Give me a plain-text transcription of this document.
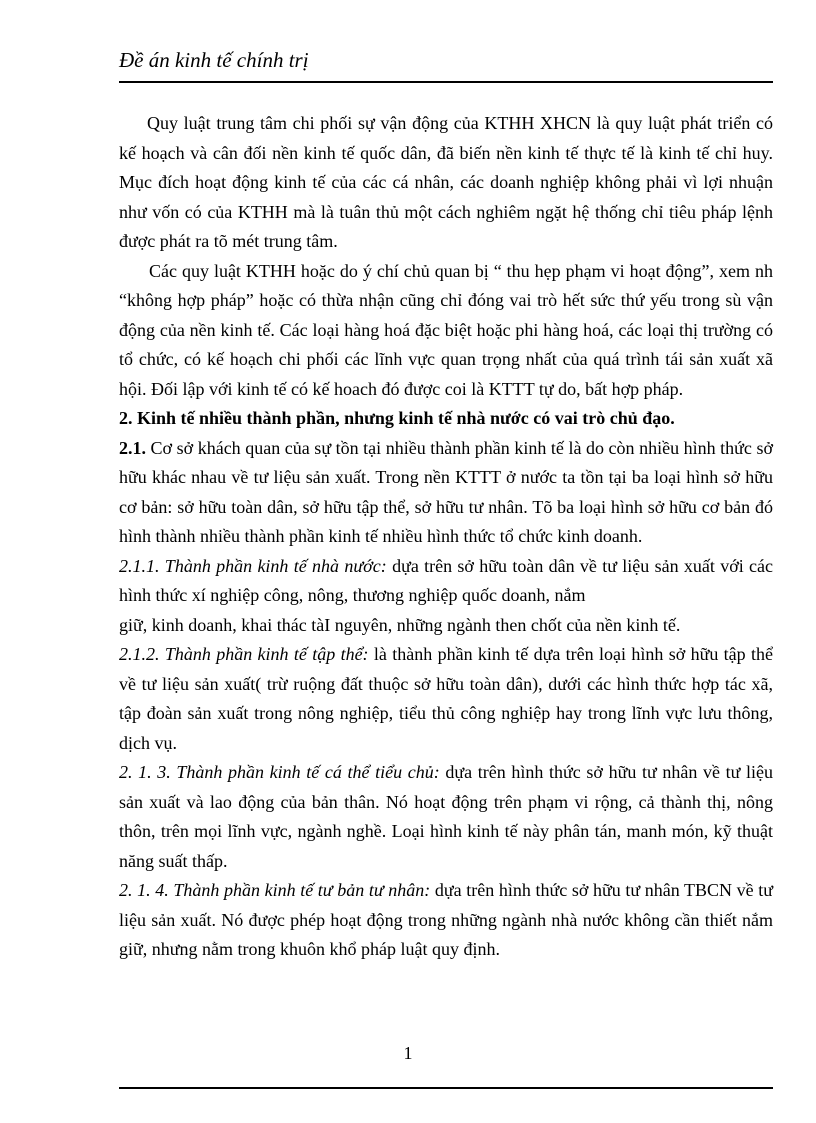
Đề án kinh tế chính trị

Quy luật trung tâm chi phối sự vận động của KTHH XHCN là quy luật phát triển có kế hoạch và cân đối nền kinh tế quốc dân, đã biến nền kinh tế thực tế là kinh tế chỉ huy. Mục đích hoạt động kinh tế của các cá nhân, các doanh nghiệp không phải vì lợi nhuận như vốn có của KTHH mà là tuân thủ một cách nghiêm ngặt hệ thống chỉ tiêu pháp lệnh được phát ra tõ mét trung tâm.

Các quy luật KTHH hoặc do ý chí chủ quan bị “ thu hẹp phạm vi hoạt động”, xem nh “không hợp pháp” hoặc có thừa nhận cũng chỉ đóng vai trò hết sức thứ yếu trong sù vận động của nền kinh tế. Các loại hàng hoá đặc biệt hoặc phi hàng hoá, các loại thị trường có tổ chức, có kế hoạch chi phối các lĩnh vực quan trọng nhất của quá trình tái sản xuất xã hội. Đối lập với kinh tế có kế hoach đó được coi là KTTT tự do, bất hợp pháp.

2. Kinh tế nhiều thành phần, nhưng kinh tế nhà nước có vai trò chủ đạo.

2.1. Cơ sở khách quan của sự tồn tại nhiều thành phần kinh tế là do còn nhiều hình thức sở hữu khác nhau về tư liệu sản xuất. Trong nền KTTT ở nước ta tồn tại ba loại hình sở hữu cơ bản: sở hữu toàn dân, sở hữu tập thể, sở hữu tư nhân. Tõ ba loại hình sở hữu cơ bản đó hình thành nhiều thành phần kinh tế nhiều hình thức tổ chức kinh doanh.

2.1.1. Thành phần kinh tế nhà nước: dựa trên sở hữu toàn dân về tư liệu sản xuất với các hình thức xí nghiệp công, nông, thương nghiệp quốc doanh, nắm

giữ, kinh doanh, khai thác tàI nguyên, những ngành then chốt của nền kinh tế.

2.1.2. Thành phần kinh tế tập thể: là thành phần kinh tế dựa trên loại hình sở hữu tập thể về tư liệu sản xuất( trừ ruộng đất thuộc sở hữu toàn dân), dưới các hình thức hợp tác xã, tập đoàn sản xuất trong nông nghiệp, tiểu thủ công nghiệp hay trong lĩnh vực lưu thông, dịch vụ.

2. 1. 3. Thành phần kinh tế cá thể tiểu chủ: dựa trên hình thức sở hữu tư nhân về tư liệu sản xuất và lao động của bản thân. Nó hoạt động trên phạm vi rộng, cả thành thị, nông thôn, trên mọi lĩnh vực, ngành nghề. Loại hình kinh tế này phân tán, manh món, kỹ thuật năng suất thấp.

2. 1. 4. Thành phần kinh tế tư bản tư nhân: dựa trên hình thức sở hữu tư nhân TBCN về tư liệu sản xuất. Nó được phép hoạt động trong những ngành nhà nước không cần thiết nắm giữ, nhưng nằm trong khuôn khổ pháp luật quy định.

1
